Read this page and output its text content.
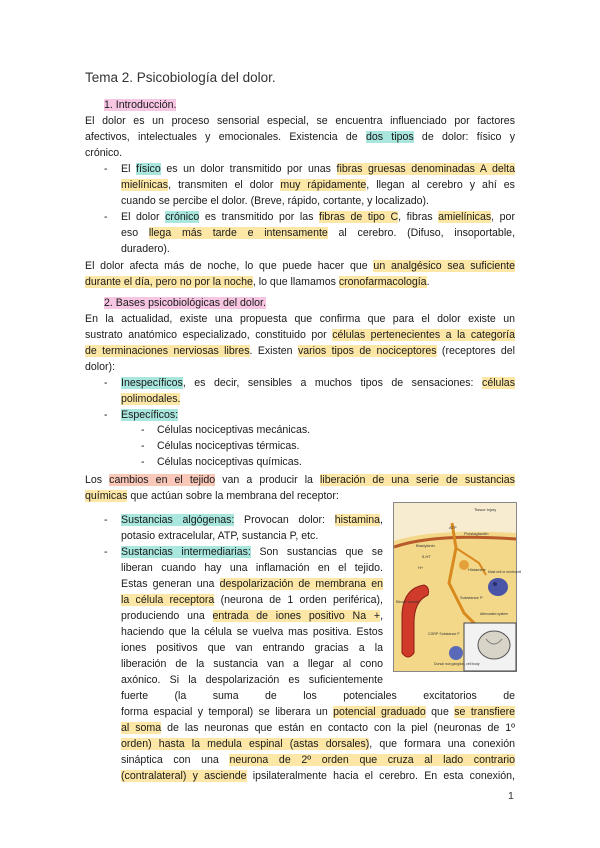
Tema 2. Psicobiología del dolor.
1. Introducción.
El dolor es un proceso sensorial especial, se encuentra influenciado por factores
afectivos, intelectuales y emocionales. Existencia de dos tipos de dolor: físico y
crónico.
- El físico es un dolor transmitido por unas fibras gruesas denominadas A delta
mielínicas, transmiten el dolor muy rápidamente, llegan al cerebro y ahí es
cuando se percibe el dolor. (Breve, rápido, cortante, y localizado).
- El dolor crónico es transmitido por las fibras de tipo C, fibras amielínicas, por
eso llega más tarde e intensamente al cerebro. (Difuso, insoportable,
duradero).
El dolor afecta más de noche, lo que puede hacer que un analgésico sea suficiente
durante el día, pero no por la noche, lo que llamamos cronofarmacología.
2. Bases psicobiológicas del dolor.
En la actualidad, existe una propuesta que confirma que para el dolor existe un
sustrato anatómico especializado, constituido por células pertenecientes a la categoría
de terminaciones nerviosas libres. Existen varios tipos de nociceptores (receptores del
dolor):
- Inespecíficos, es decir, sensibles a muchos tipos de sensaciones: células
polimodales.
- Específicos:
- Células nociceptivas mecánicas.
- Células nociceptivas térmicas.
- Células nociceptivas químicas.
Los cambios en el tejido van a producir la liberación de una serie de sustancias
químicas que actúan sobre la membrana del receptor:
- Sustancias algógenas: Provocan dolor: histamina,
potasio extracelular, ATP, sustancia P, etc.
- Sustancias intermediarias: Son sustancias que se
liberan cuando hay una inflamación en el tejido.
Estas generan una despolarización de membrana en
la célula receptora (neurona de 1 orden periférica),
produciendo una entrada de iones positivo Na +,
haciendo que la célula se vuelva mas positiva. Estos
iones positivos que van entrando gracias a la
liberación de la sustancia van a llegar al cono
axónico. Si la despolarización es suficientemente
fuerte (la suma de los potenciales excitatorios de
forma espacial y temporal) se liberara un potencial graduado que se transfiere
al soma de las neuronas que están en contacto con la piel (neuronas de 1º
orden) hasta la medula espinal (astas dorsales), que formara una conexión
sináptica con una neurona de 2º orden que cruza al lado contrario
(contralateral) y asciende ipsilateralmente hacia el cerebro. En esta conexión,
Tissue injury
ATP
Prostaglandin
Bradykinin
5-HT
H+	Histamine Mast cell or neutrophil
Substance P
Blood vessel
Attenuated system
CGRP Substance P
Dorsal root ganglion, cell body
1
